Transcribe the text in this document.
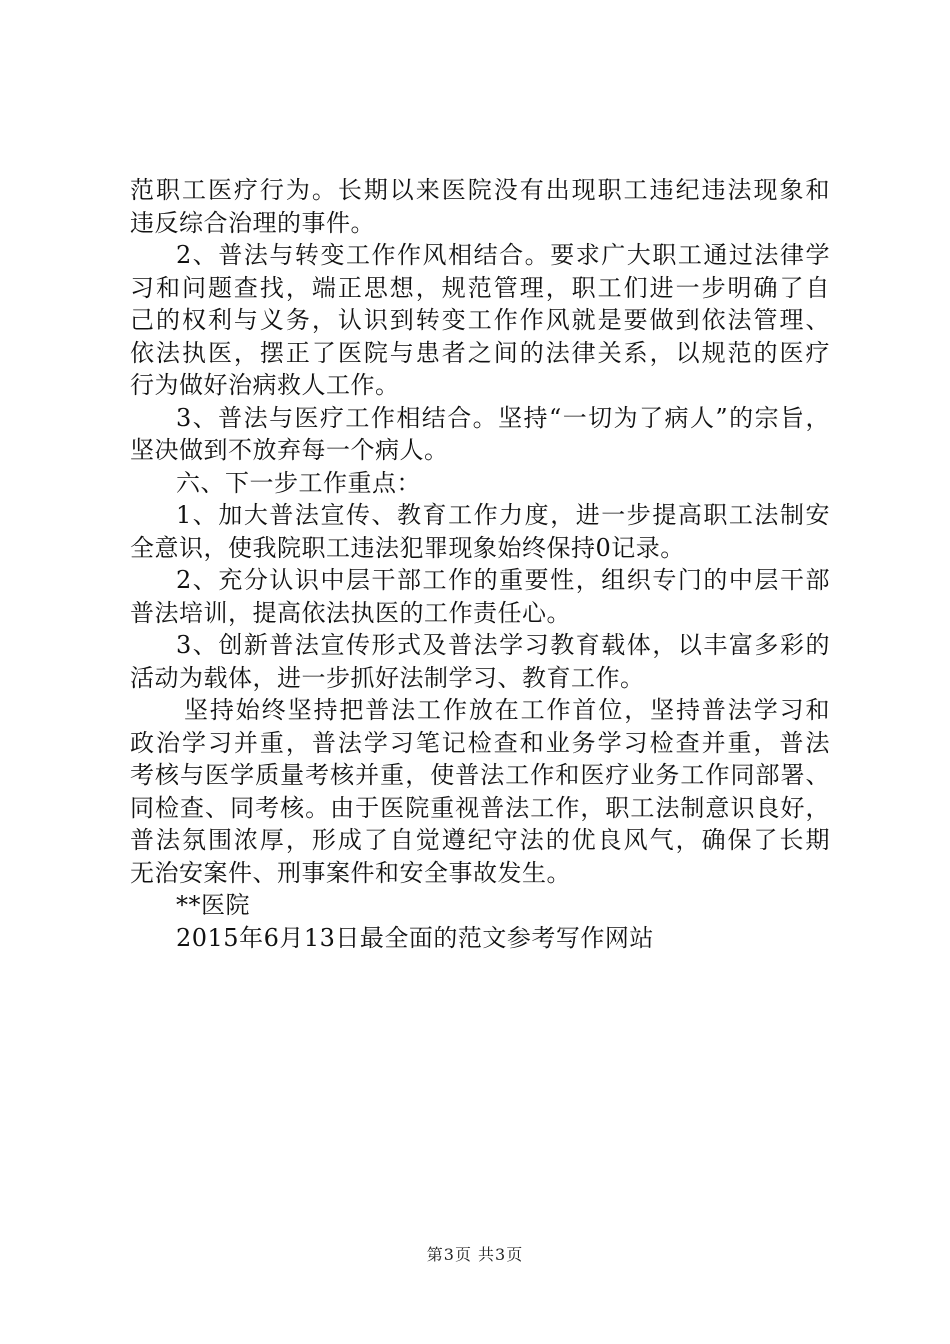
范职工医疗行为。长期以来医院没有出现职工违纪违法现象和
违反综合治理的事件。
2、普法与转变工作作风相结合。要求广大职工通过法律学
习和问题查找，端正思想，规范管理，职工们进一步明确了自
己的权利与义务，认识到转变工作作风就是要做到依法管理、
依法执医，摆正了医院与患者之间的法律关系，以规范的医疗
行为做好治病救人工作。
3、普法与医疗工作相结合。坚持“一切为了病人”的宗旨，
坚决做到不放弃每一个病人。
六、下一步工作重点：
1、加大普法宣传、教育工作力度，进一步提高职工法制安
全意识，使我院职工违法犯罪现象始终保持0记录。
2、充分认识中层干部工作的重要性，组织专门的中层干部
普法培训，提高依法执医的工作责任心。
3、创新普法宣传形式及普法学习教育载体，以丰富多彩的
活动为载体，进一步抓好法制学习、教育工作。
坚持始终坚持把普法工作放在工作首位，坚持普法学习和
政治学习并重，普法学习笔记检查和业务学习检查并重，普法
考核与医学质量考核并重，使普法工作和医疗业务工作同部署、
同检查、同考核。由于医院重视普法工作，职工法制意识良好，
普法氛围浓厚，形成了自觉遵纪守法的优良风气，确保了长期
无治安案件、刑事案件和安全事故发生。
**医院
2015年6月13日最全面的范文参考写作网站
第3页 共3页
